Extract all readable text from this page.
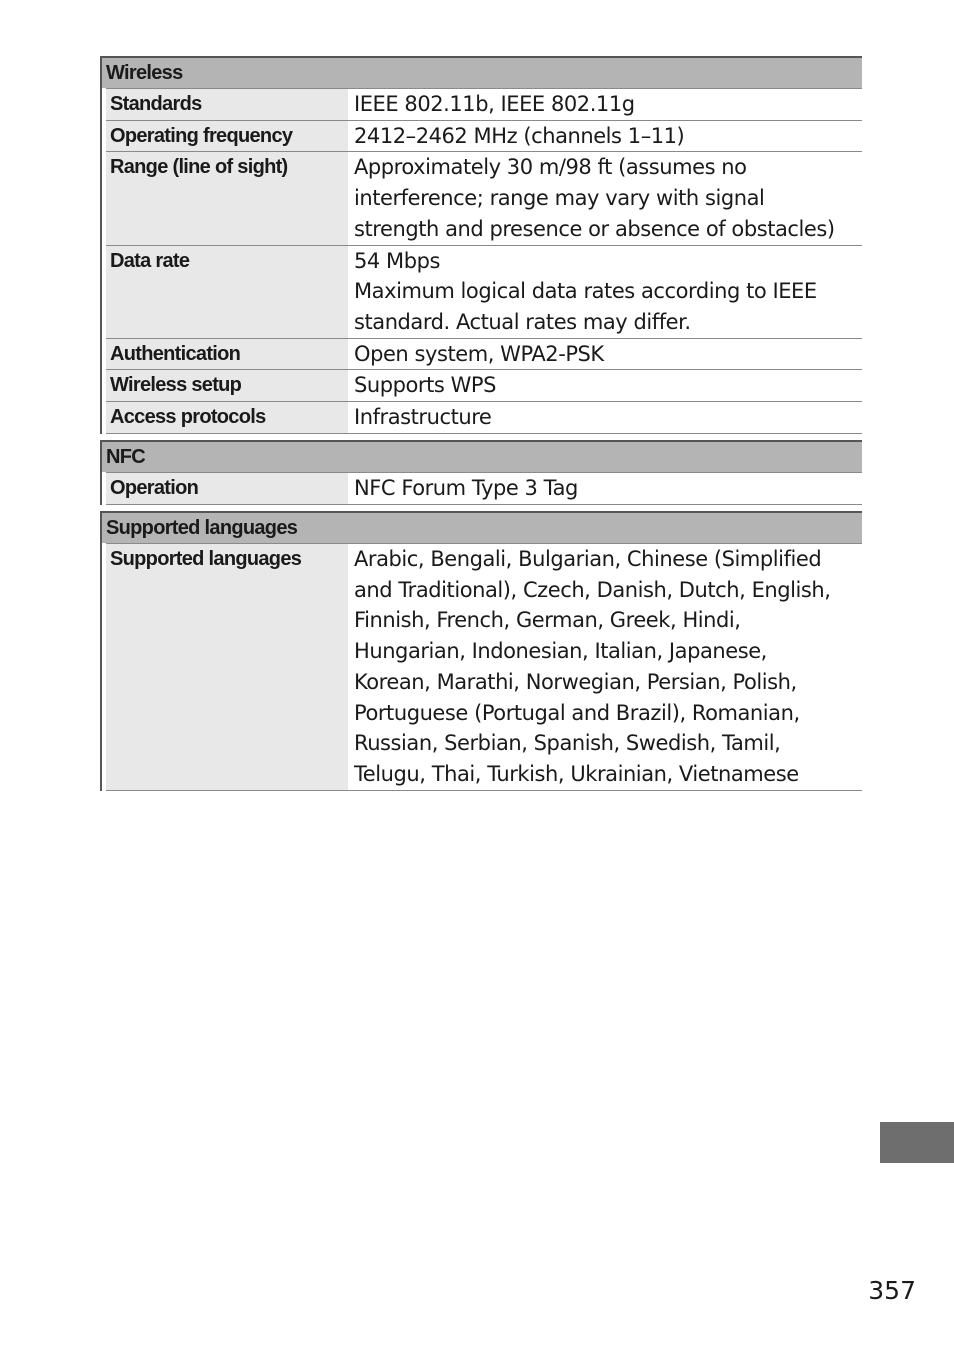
Wireless
Standards	IEEE 802.11b, IEEE 802.11g
Operating frequency	2412–2462 MHz (channels 1–11)
Range (line of sight)	Approximately 30 m/98 ft (assumes no
interference; range may vary with signal
strength and presence or absence of obstacles)
Data rate	54 Mbps
Maximum logical data rates according to IEEE
standard. Actual rates may differ.
Authentication	Open system, WPA2-PSK
Wireless setup	Supports WPS
Access protocols	Infrastructure
NFC
Operation	NFC Forum Type 3 Tag
Supported languages
Supported languages	Arabic, Bengali, Bulgarian, Chinese (Simplified
and Traditional), Czech, Danish, Dutch, English,
Finnish, French, German, Greek, Hindi,
Hungarian, Indonesian, Italian, Japanese,
Korean, Marathi, Norwegian, Persian, Polish,
Portuguese (Portugal and Brazil), Romanian,
Russian, Serbian, Spanish, Swedish, Tamil,
Telugu, Thai, Turkish, Ukrainian, Vietnamese
357
